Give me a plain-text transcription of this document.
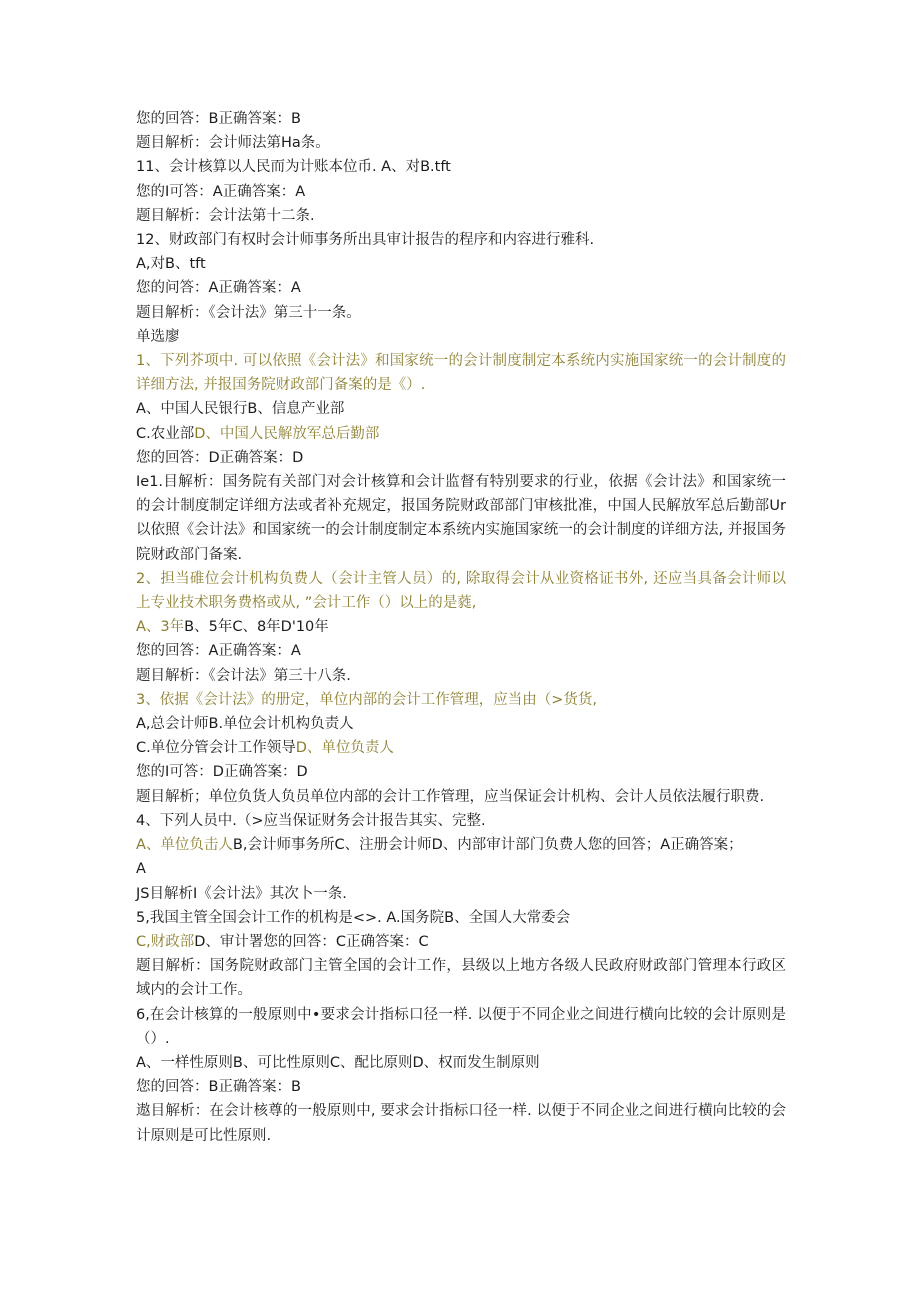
您的回答：B正确答案：B
题目解析：会计师法第Ha条。
11、会计核算以人民而为计账本位币. A、对B.tft
您的I可答：A正确答案：A
题目解析：会计法第十二条.
12、财政部门有权时会计师事务所出具审计报告的程序和内容进行雅科.
A,对B、tft
您的问答：A正确答案：A
题目解析：《会计法》第三十一条。
单选廖
1、下列芥项中. 可以依照《会计法》和国家统一的会计制度制定本系统内实施国家统一的会计制度的详细方法, 并报国务院财政部门备案的是《）.
A、中国人民银行B、信息产业部
C.农业部D、中国人民解放军总后勤部
您的回答：D正确答案：D
Ie1.目解析：国务院有关部门对会计核算和会计监督有特别要求的行业，依据《会计法》和国家统一的会计制度制定详细方法或者补充规定，报国务院财政部部门审核批准，中国人民解放军总后勤部Ur以依照《会计法》和国家统一的会计制度制定本系统内实施国家统一的会计制度的详细方法, 并报国务院财政部门备案.
2、担当碓位会计机构负费人（会计主管人员）的, 除取得会计从业资格证书外, 还应当具备会计师以上专业技术职务费格或从, ”会计工作（）以上的是蕤,
A、3年B、5年C、8年D'10年
您的回答：A正确答案：A
题目解析：《会计法》第三十八条.
3、依据《会计法》的册定，单位内部的会计工作管理，应当由（>货货,
A,总会计师B.单位会计机构负责人
C.单位分管会计工作领导D、单位负责人
您的I可答：D正确答案：D
题目解析；单位负货人负员单位内部的会计工作管理，应当保证会计机构、会计人员依法履行职费.
4、下列人员中.（>应当保证财务会计报告其实、完整.
A、单位负击人B,会计师事务所C、注册会计师D、内部审计部门负费人您的回答；A正确答案；
A
JS目解析I《会计法》其次卜一条.
5,我国主管全国会计工作的机构是<>. A.国务院B、全国人大常委会
C,财政部D、审计署您的回答：C正确答案：C
题目解析：国务院财政部门主管全国的会计工作，县级以上地方各级人民政府财政部门管理本行政区域内的会计工作。
6,在会计核算的一般原则中•要求会计指标口径一样. 以便于不同企业之间进行横向比较的会计原则是（）.
A、一样性原则B、可比性原则C、配比原则D、权而发生制原则
您的回答：B正确答案：B
遨目解析：在会计核尊的一般原则中, 要求会计指标口径一样. 以便于不同企业之间进行横向比较的会计原则是可比性原则.
